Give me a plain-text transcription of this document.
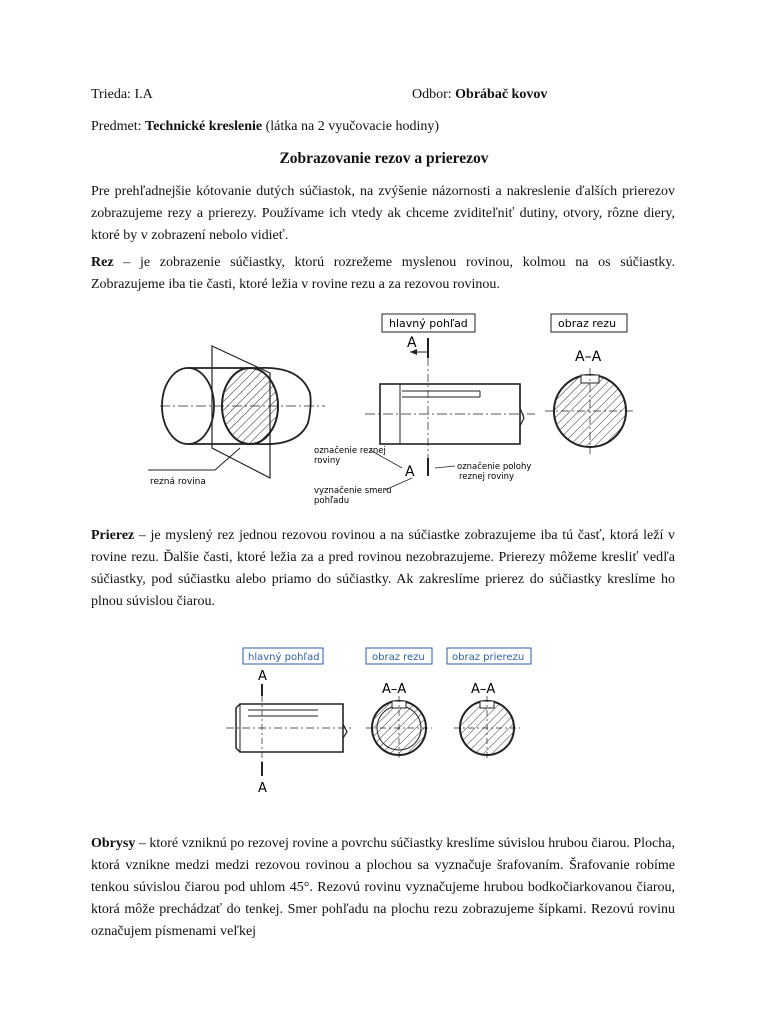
Trieda: I.A	Odbor: Obrábač kovov
Predmet: Technické kreslenie (látka na 2 vyučovacie hodiny)
Zobrazovanie rezov a prierezov

Pre prehľadnejšie kótovanie dutých súčiastok, na zvýšenie názornosti a nakreslenie ďalších prierezov zobrazujeme rezy a prierezy. Používame ich vtedy ak chceme zviditeľniť dutiny, otvory, rôzne diery, ktoré by v zobrazení nebolo vidieť.

Rez – je zobrazenie súčiastky, ktorú rozrežeme myslenou rovinou, kolmou na os súčiastky. Zobrazujeme iba tie časti, ktoré ležia v rovine rezu a za rezovou rovinou.

rezná rovina
hlavný pohľad	obraz rezu
A
A
A–A
označenie reznej
roviny
vyznačenie smeru
pohľadu
označenie polohy
reznej roviny

Prierez – je myslený rez jednou rezovou rovinou a na súčiastke zobrazujeme iba tú časť, ktorá leží v rovine rezu. Ďalšie časti, ktoré ležia za a pred rovinou nezobrazujeme. Prierezy môžeme kresliť vedľa súčiastky, pod súčiastku alebo priamo do súčiastky. Ak zakreslíme prierez do súčiastky kreslíme ho plnou súvislou čiarou.

hlavný pohľad	obraz rezu	obraz prierezu
A
A
A–A	A–A

Obrysy – ktoré vzniknú po rezovej rovine a povrchu súčiastky kreslíme súvislou hrubou čiarou. Plocha, ktorá vznikne medzi medzi rezovou rovinou a plochou sa vyznačuje šrafovaním. Šrafovanie robíme tenkou súvislou čiarou pod uhlom 45°. Rezovú rovinu vyznačujeme hrubou bodkočiarkovanou čiarou, ktorá môže prechádzať do tenkej. Smer pohľadu na plochu rezu zobrazujeme šípkami. Rezovú rovinu označujem písmenami veľkej
